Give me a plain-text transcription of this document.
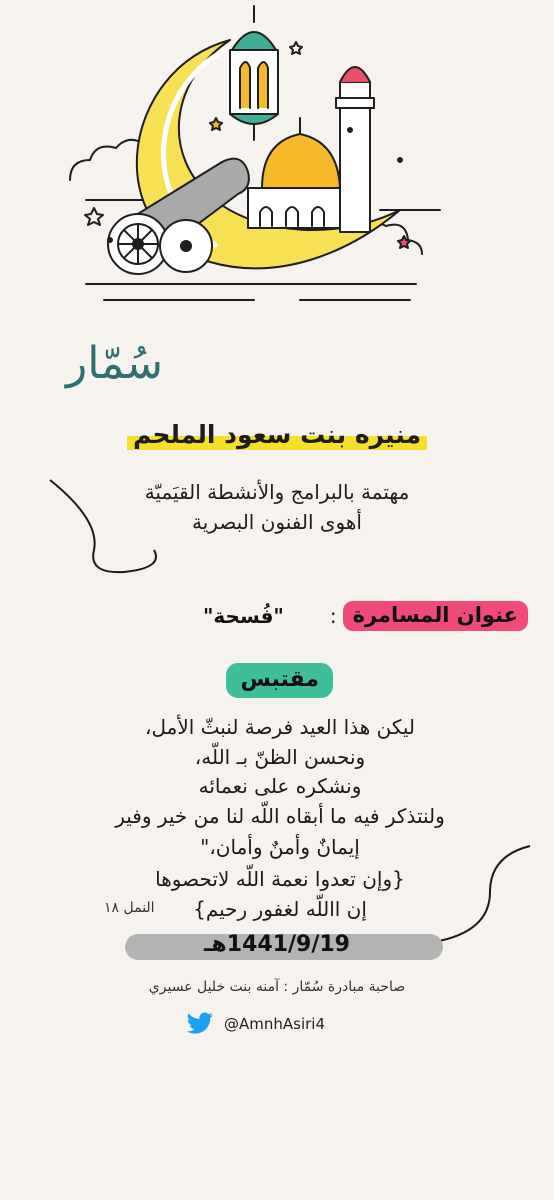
سُمّار
منيره بنت سعود الملحم
مهتمة بالبرامج والأنشطة القيَميّة
أهوى الفنون البصرية
عنوان المسامرة
:
"فُسحة"
مقتبس
ليكن هذا العيد فرصة لنبثّ الأمل،
ونحسن الظنّ بـ اللّه،
ونشكره على نعمائه
ولنتذكر فيه ما أبقاه اللّه لنا من خير وفير
إيمانٌ وأمنٌ وأمان،"
{وإن تعدوا نعمة اللّه لاتحصوها
إن االلّه لغفور رحيم}
النمل ١٨
1441/9/19هـ
صاحبة مبادرة سُمّار : آمنه بنت خليل عسيري
@AmnhAsiri4
